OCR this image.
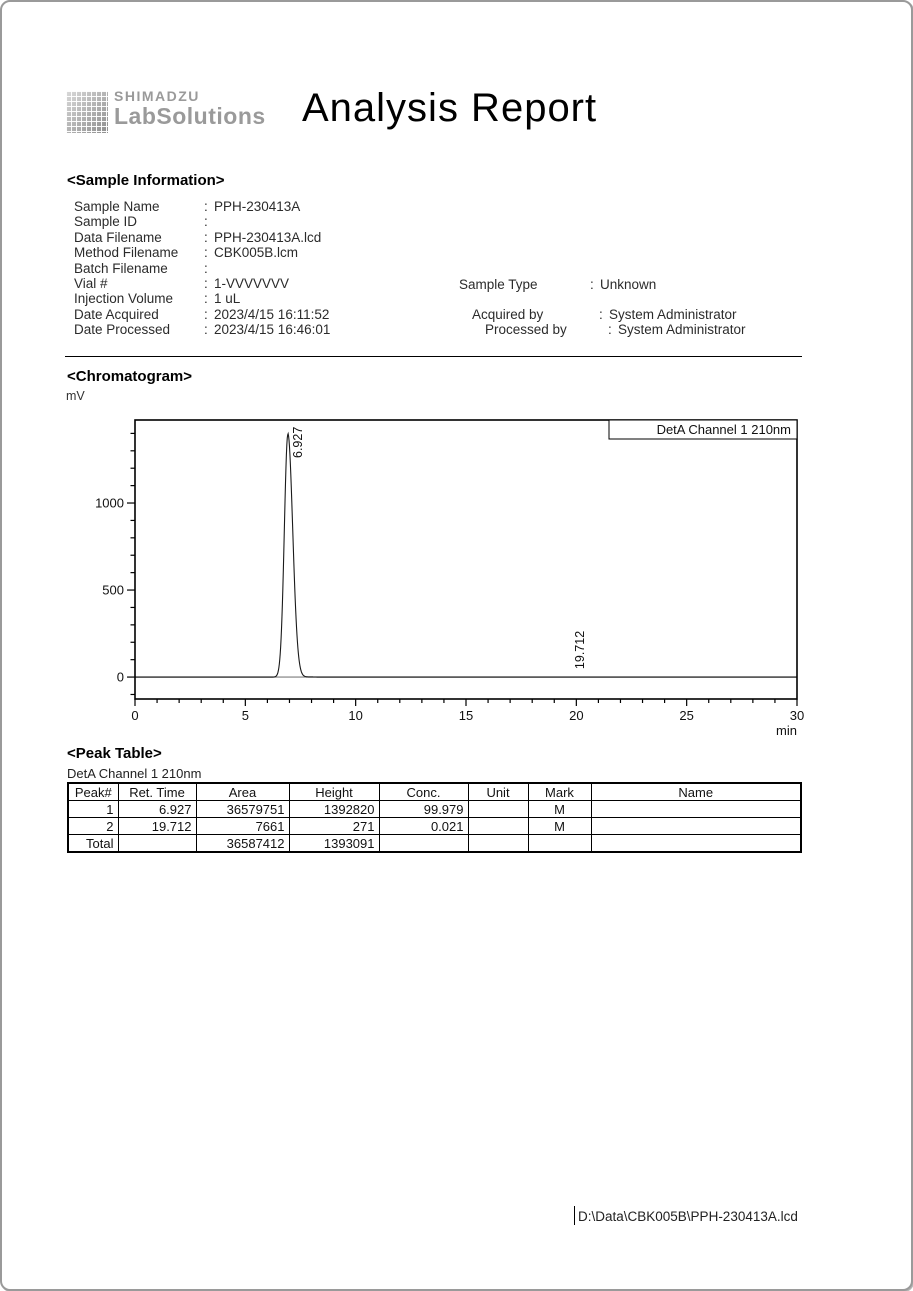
SHIMADZU
LabSolutions Analysis Report
<Sample Information>
Sample Name	: PPH-230413A
Sample ID	:
Data Filename	: PPH-230413A.lcd
Method Filename	: CBK005B.lcm
Batch Filename	:
Vial #	: 1-VVVVVVV
Injection Volume	: 1 uL
Date Acquired	: 2023/4/15 16:11:52
Date Processed	: 2023/4/15 16:46:01
Sample Type	: Unknown
Acquired by	: System Administrator
Processed by	: System Administrator
<Chromatogram>
mV
0
500
1000
0	5	10	15	20	25	30
min
6.927
19.712
DetA Channel 1 210nm
<Peak Table>
DetA Channel 1 210nm
Peak#	Ret. Time	Area	Height	Conc.	Unit	Mark	Name
1	6.927	36579751	1392820	99.979		M	
2	19.712	7661	271	0.021		M	
Total		36587412	1393091				
D:\Data\CBK005B\PPH-230413A.lcd
